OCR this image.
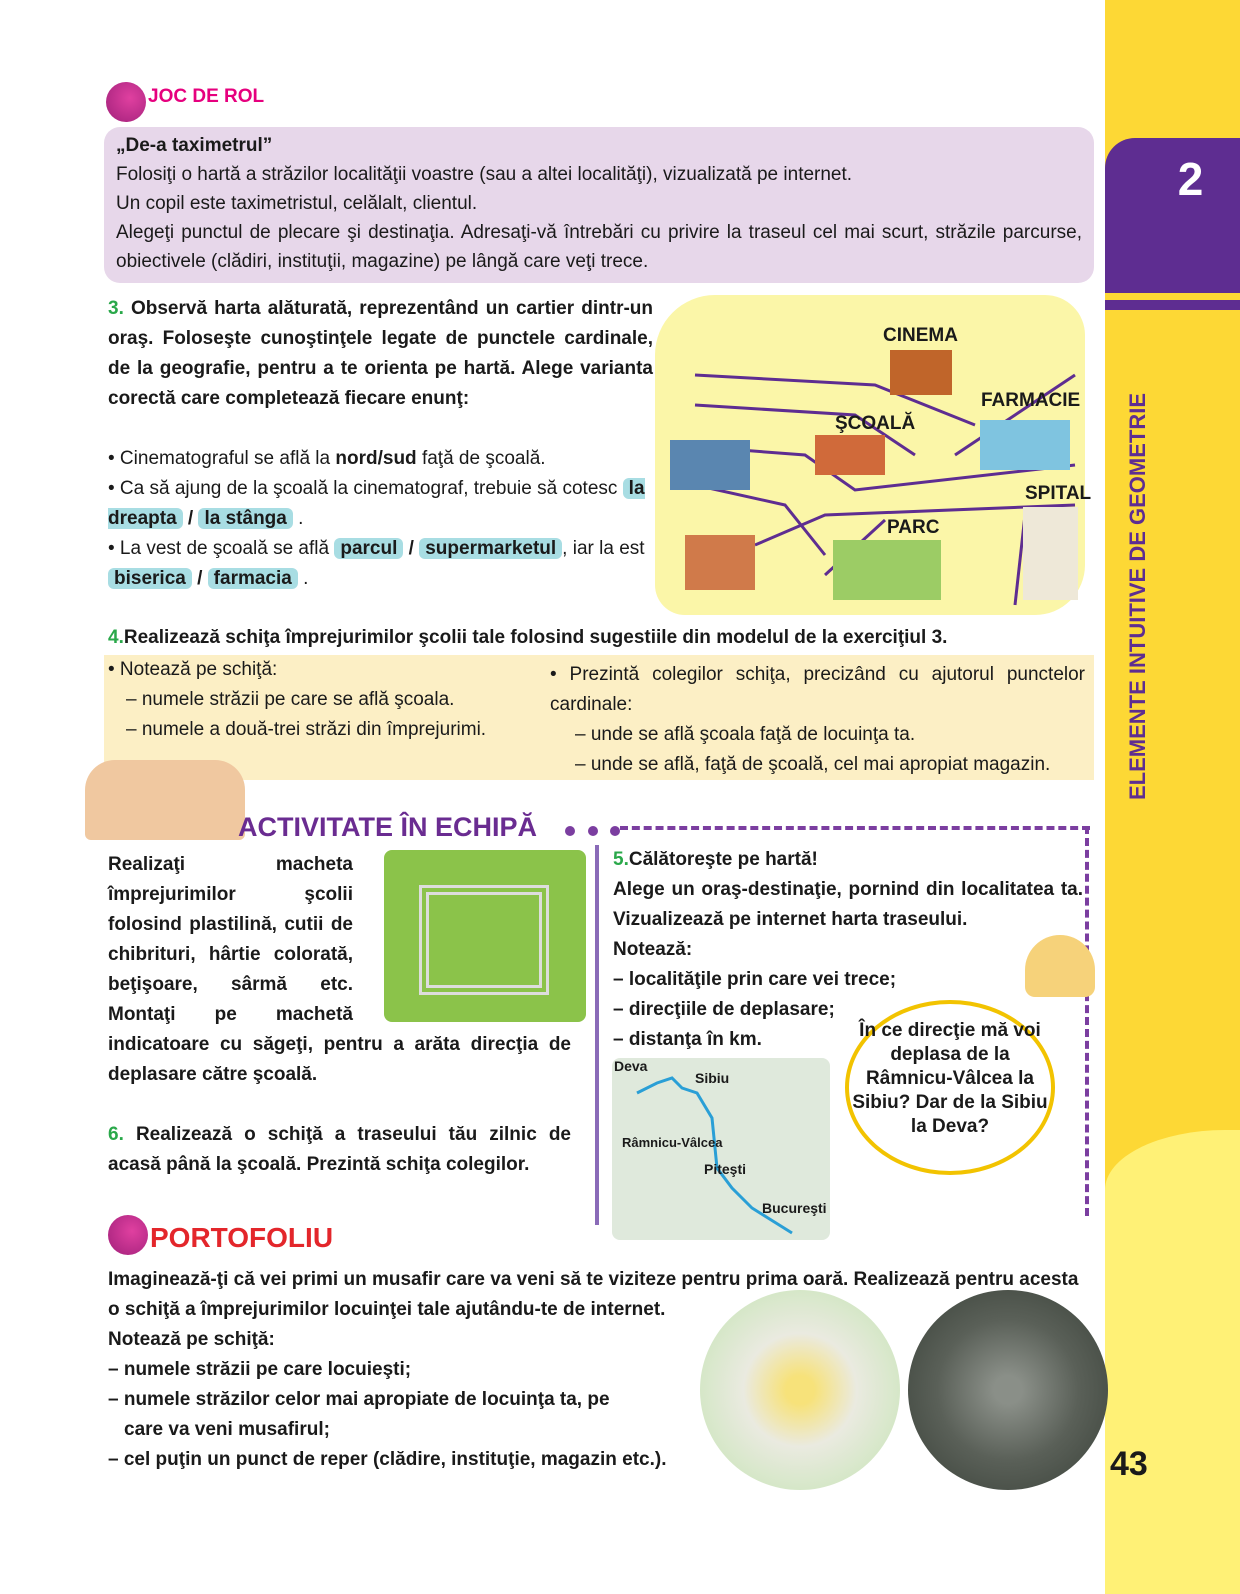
2
ELEMENTE INTUITIVE DE GEOMETRIE
43
JOC DE ROL

„De-a taximetrul”

Folosiţi o hartă a străzilor localităţii voastre (sau a altei localităţi), vizualizată pe internet.

Un copil este taximetristul, celălalt, clientul.

Alegeţi punctul de plecare şi destinaţia. Adresaţi-vă întrebări cu privire la traseul cel mai scurt, străzile parcurse, obiectivele (clădiri, instituţii, magazine) pe lângă care veţi trece.

3. Observă harta alăturată, reprezentând un cartier dintr-un oraş. Foloseşte cunoştinţele legate de punctele cardinale, de la geografie, pentru a te orienta pe hartă. Alege varianta corectă care completează fiecare enunţ:
• Cinematograful se află la nord/sud faţă de şcoală.
• Ca să ajung de la şcoală la cinematograf, trebuie să cotesc la dreapta / la stânga .
• La vest de şcoală se află parcul / supermarketul , iar la est biserica / farmacia .
CINEMA
FARMACIE
ŞCOALĂ
SPITAL
PARC
4.Realizează schiţa împrejurimilor şcolii tale folosind sugestiile din modelul de la exerciţiul 3.
• Notează pe schiţă:
– numele străzii pe care se află şcoala.
– numele a două-trei străzi din împrejurimi.
• Prezintă colegilor schiţa, precizând cu ajutorul punctelor cardinale:
– unde se află şcoala faţă de locuinţa ta.
– unde se află, faţă de şcoală, cel mai apropiat magazin.
ACTIVITATE ÎN ECHIPĂ
Realizaţi macheta împrejurimilor şcolii folosind plastilină, cutii de chibrituri, hârtie colorată, beţişoare, sârmă etc. Montaţi pe machetă indicatoare cu săgeţi, pentru a arăta direcţia de deplasare către şcoală.
5.Călătoreşte pe hartă!
Alege un oraş-destinaţie, pornind din localitatea ta. Vizualizează pe internet harta traseului.
Notează:
– localităţile prin care vei trece;
– direcţiile de deplasare;
– distanţa în km.	În ce direcţie mă voi deplasa de la Râmnicu-Vâlcea la Sibiu? Dar de la Sibiu la Deva?
Deva
Sibiu
Râmnicu-Vâlcea
Piteşti
Bucureşti
6. Realizează o schiţă a traseului tău zilnic de acasă până la şcoală. Prezintă schiţa colegilor.
PORTOFOLIU
Imaginează-ţi că vei primi un musafir care va veni să te viziteze pentru prima oară. Realizează pentru acesta o schiţă a împrejurimilor locuinţei tale ajutându-te de internet.
Notează pe schiţă:
– numele străzii pe care locuieşti;
– numele străzilor celor mai apropiate de locuinţa ta, pe care va veni musafirul;
– cel puţin un punct de reper (clădire, instituţie, magazin etc.).
